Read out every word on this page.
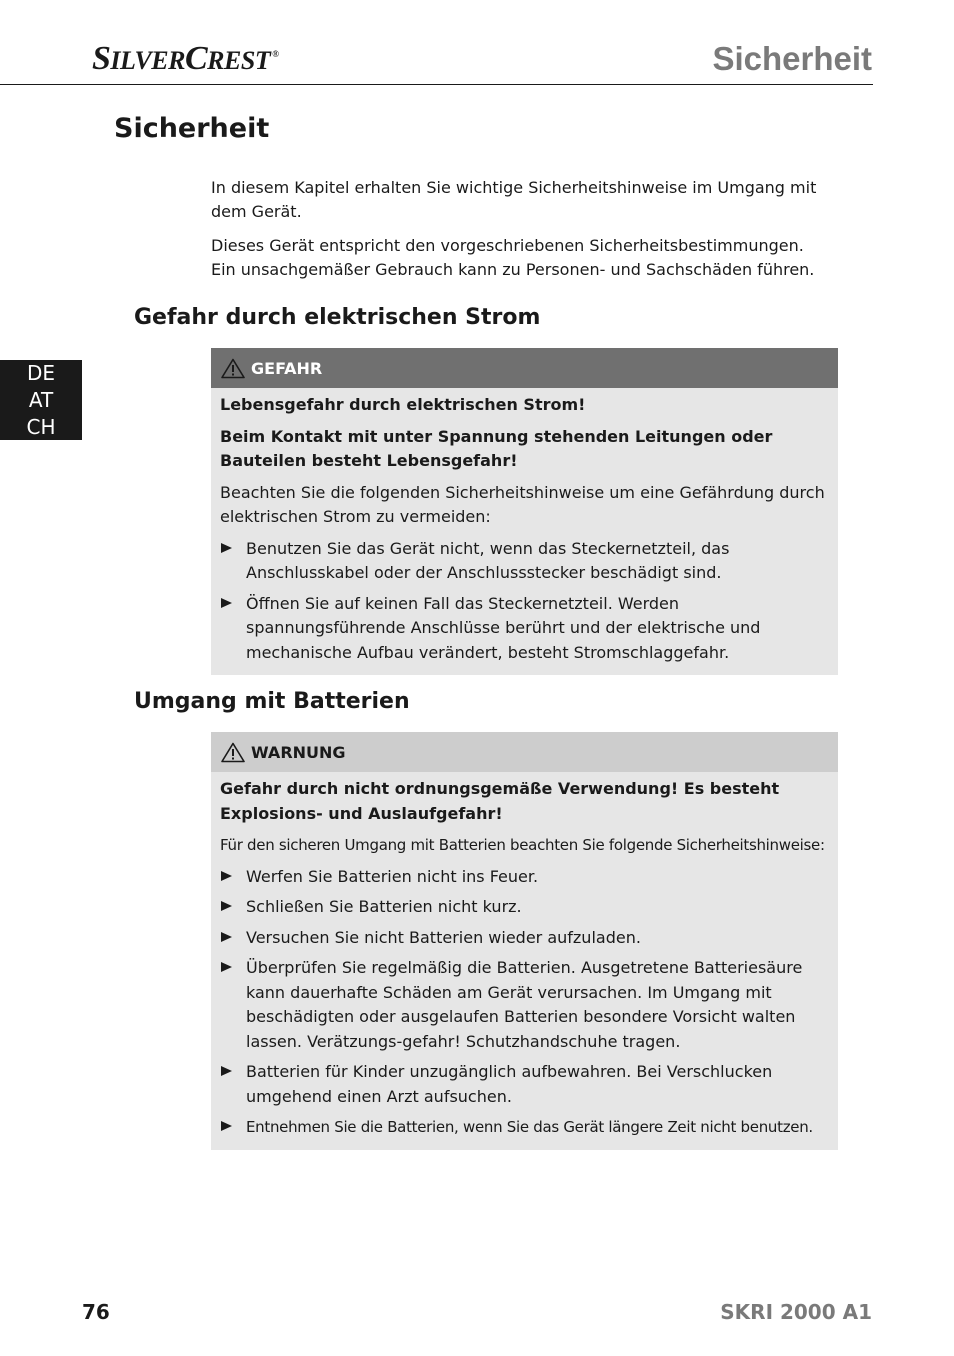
SILVERCREST ®	Sicherheit
DE
AT
CH
Sicherheit

In diesem Kapitel erhalten Sie wichtige Sicherheitshinweise im Umgang mit dem Gerät.

Dieses Gerät entspricht den vorgeschriebenen Sicherheitsbestimmungen. Ein unsachgemäßer Gebrauch kann zu Personen- und Sachschäden führen.

Gefahr durch elektrischen Strom
GEFAHR

Lebensgefahr durch elektrischen Strom!

Beim Kontakt mit unter Spannung stehenden Leitungen oder Bauteilen besteht Lebensgefahr!

Beachten Sie die folgenden Sicherheitshinweise um eine Gefährdung durch elektrischen Strom zu vermeiden:

Benutzen Sie das Gerät nicht, wenn das Steckernetzteil, das Anschlusskabel oder der Anschlussstecker beschädigt sind.
Öffnen Sie auf keinen Fall das Steckernetzteil. Werden spannungsführende Anschlüsse berührt und der elektrische und mechanische Aufbau verändert, besteht Stromschlaggefahr.
Umgang mit Batterien
WARNUNG

Gefahr durch nicht ordnungsgemäße Verwendung! Es besteht Explosions- und Auslaufgefahr!

Für den sicheren Umgang mit Batterien beachten Sie folgende Sicherheitshinweise:

Werfen Sie Batterien nicht ins Feuer.
Schließen Sie Batterien nicht kurz.
Versuchen Sie nicht Batterien wieder aufzuladen.
Überprüfen Sie regelmäßig die Batterien. Ausgetretene Batteriesäure kann dauerhafte Schäden am Gerät verursachen. Im Umgang mit beschädigten oder ausgelaufen Batterien besondere Vorsicht walten lassen. Verätzungs-gefahr! Schutzhandschuhe tragen.
Batterien für Kinder unzugänglich aufbewahren. Bei Verschlucken umgehend einen Arzt aufsuchen.
Entnehmen Sie die Batterien, wenn Sie das Gerät längere Zeit nicht benutzen.
76	SKRI 2000 A1
